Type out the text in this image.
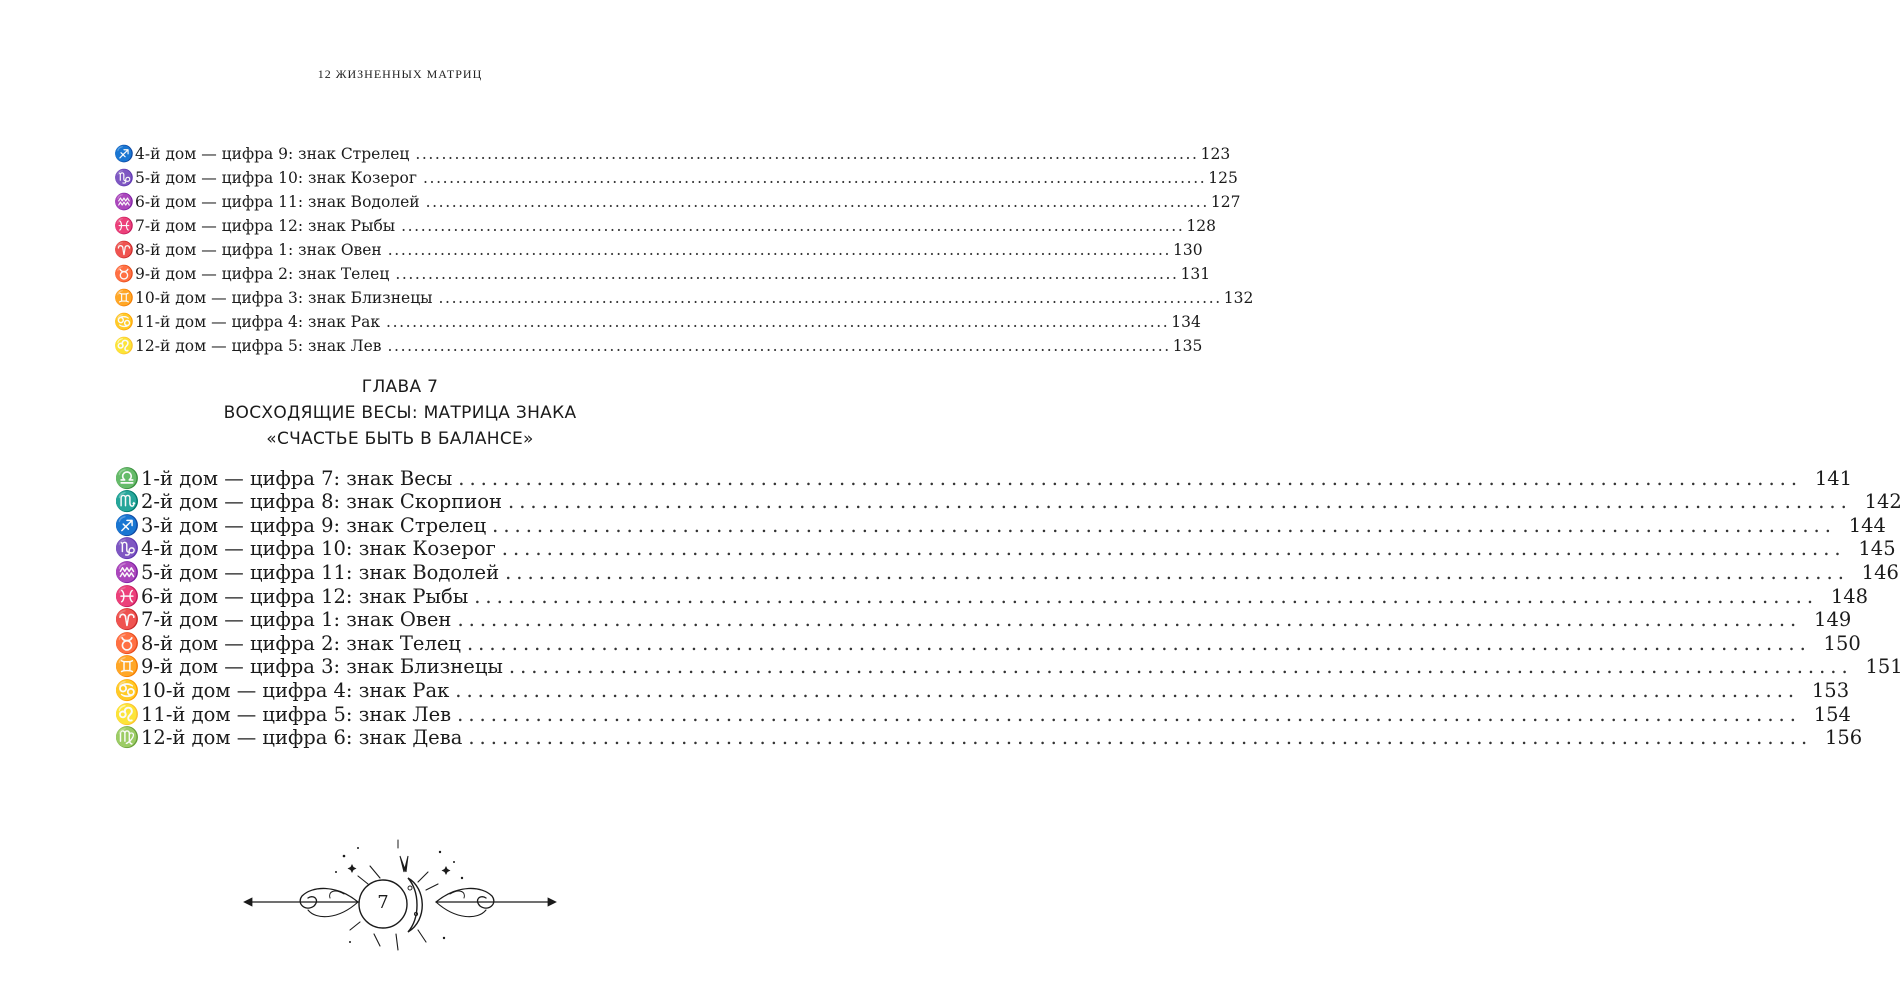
12 ЖИЗНЕННЫХ МАТРИЦ
♐ 4-й дом — цифра 9: знак Стрелец ........................................................................................................................ 123
♑ 5-й дом — цифра 10: знак Козерог ........................................................................................................................ 125
♒ 6-й дом — цифра 11: знак Водолей ........................................................................................................................ 127
♓ 7-й дом — цифра 12: знак Рыбы ........................................................................................................................ 128
♈ 8-й дом — цифра 1: знак Овен ........................................................................................................................ 130
♉ 9-й дом — цифра 2: знак Телец ........................................................................................................................ 131
♊ 10-й дом — цифра 3: знак Близнецы ........................................................................................................................ 132
♋ 11-й дом — цифра 4: знак Рак ........................................................................................................................ 134
♌ 12-й дом — цифра 5: знак Лев ........................................................................................................................ 135
ГЛАВА 7
ВОСХОДЯЩИЕ ВЕСЫ: МАТРИЦА ЗНАКА
«СЧАСТЬЕ БЫТЬ В БАЛАНСЕ»
♎ 1-й дом — цифра 7: знак Весы ........................................................................................................................ 141
♏ 2-й дом — цифра 8: знак Скорпион ........................................................................................................................ 142
♐ 3-й дом — цифра 9: знак Стрелец ........................................................................................................................ 144
♑ 4-й дом — цифра 10: знак Козерог ........................................................................................................................ 145
♒ 5-й дом — цифра 11: знак Водолей ........................................................................................................................ 146
♓ 6-й дом — цифра 12: знак Рыбы ........................................................................................................................ 148
♈ 7-й дом — цифра 1: знак Овен ........................................................................................................................ 149
♉ 8-й дом — цифра 2: знак Телец ........................................................................................................................ 150
♊ 9-й дом — цифра 3: знак Близнецы ........................................................................................................................ 151
♋ 10-й дом — цифра 4: знак Рак ........................................................................................................................ 153
♌ 11-й дом — цифра 5: знак Лев ........................................................................................................................ 154
♍ 12-й дом — цифра 6: знак Дева ........................................................................................................................ 156
7
